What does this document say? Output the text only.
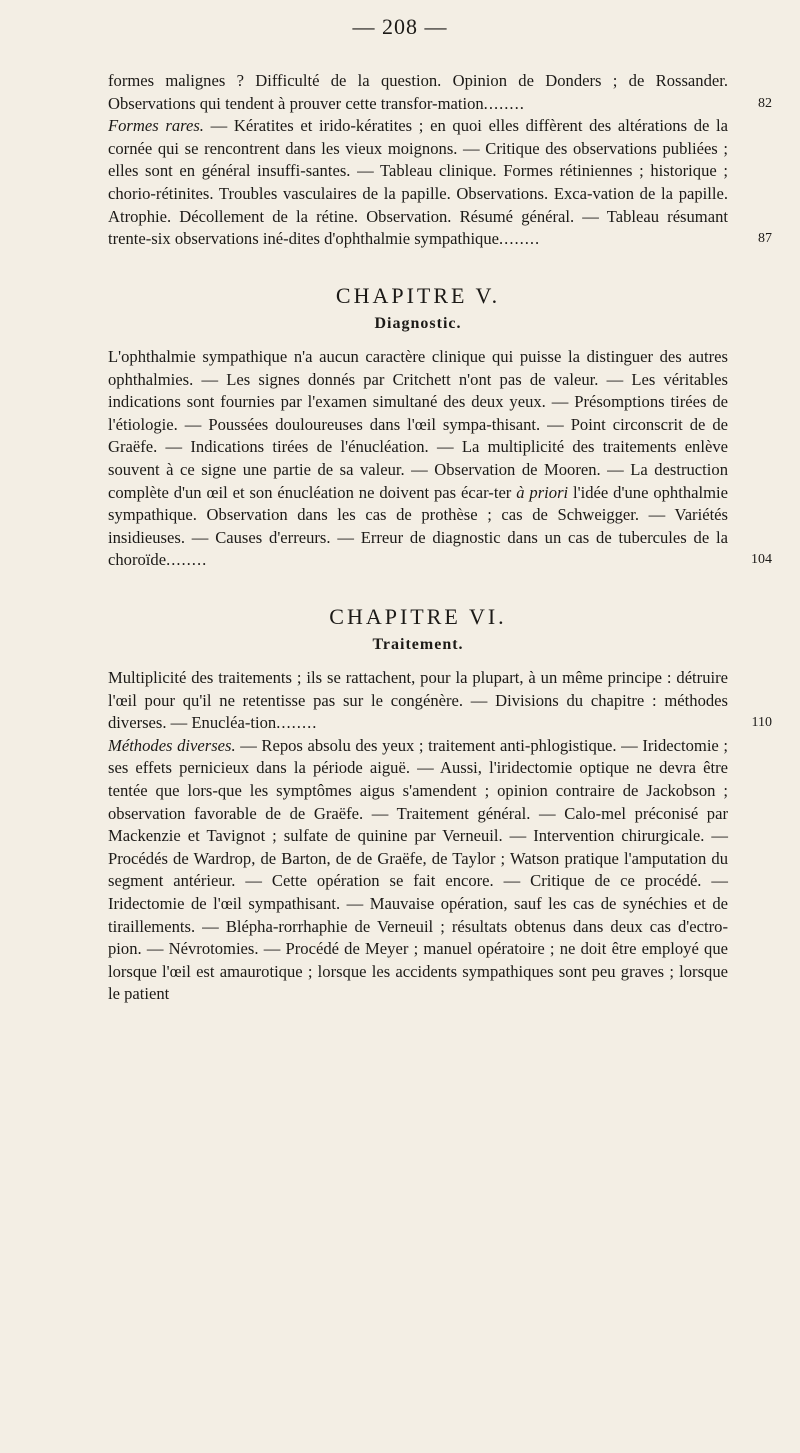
— 208 —

formes malignes ? Difficulté de la question. Opinion de Donders ; de Rossander. Observations qui tendent à prouver cette transfor-mation........	82

Formes rares. — Kératites et irido-kératites ; en quoi elles diffèrent des altérations de la cornée qui se rencontrent dans les vieux moignons. — Critique des observations publiées ; elles sont en général insuffi-santes. — Tableau clinique. Formes rétiniennes ; historique ; chorio-rétinites. Troubles vasculaires de la papille. Observations. Exca-vation de la papille. Atrophie. Décollement de la rétine. Observation. Résumé général. — Tableau résumant trente-six observations iné-dites d'ophthalmie sympathique........	87

CHAPITRE V.
Diagnostic.

L'ophthalmie sympathique n'a aucun caractère clinique qui puisse la distinguer des autres ophthalmies. — Les signes donnés par Critchett n'ont pas de valeur. — Les véritables indications sont fournies par l'examen simultané des deux yeux. — Présomptions tirées de l'étiologie. — Poussées douloureuses dans l'œil sympa-thisant. — Point circonscrit de de Graëfe. — Indications tirées de l'énucléation. — La multiplicité des traitements enlève souvent à ce signe une partie de sa valeur. — Observation de Mooren. — La destruction complète d'un œil et son énucléation ne doivent pas écar-ter à priori l'idée d'une ophthalmie sympathique. Observation dans les cas de prothèse ; cas de Schweigger. — Variétés insidieuses. — Causes d'erreurs. — Erreur de diagnostic dans un cas de tubercules de la choroïde........	104

CHAPITRE VI.
Traitement.

Multiplicité des traitements ; ils se rattachent, pour la plupart, à un même principe : détruire l'œil pour qu'il ne retentisse pas sur le congénère. — Divisions du chapitre : méthodes diverses. — Enucléa-tion........	110

Méthodes diverses. — Repos absolu des yeux ; traitement anti-phlogistique. — Iridectomie ; ses effets pernicieux dans la période aiguë. — Aussi, l'iridectomie optique ne devra être tentée que lors-que les symptômes aigus s'amendent ; opinion contraire de Jackobson ; observation favorable de de Graëfe. — Traitement général. — Calo-mel préconisé par Mackenzie et Tavignot ; sulfate de quinine par Verneuil. — Intervention chirurgicale. — Procédés de Wardrop, de Barton, de de Graëfe, de Taylor ; Watson pratique l'amputation du segment antérieur. — Cette opération se fait encore. — Critique de ce procédé. — Iridectomie de l'œil sympathisant. — Mauvaise opération, sauf les cas de synéchies et de tiraillements. — Blépha-rorrhaphie de Verneuil ; résultats obtenus dans deux cas d'ectro-pion. — Névrotomies. — Procédé de Meyer ; manuel opératoire ; ne doit être employé que lorsque l'œil est amaurotique ; lorsque les accidents sympathiques sont peu graves ; lorsque le patient
